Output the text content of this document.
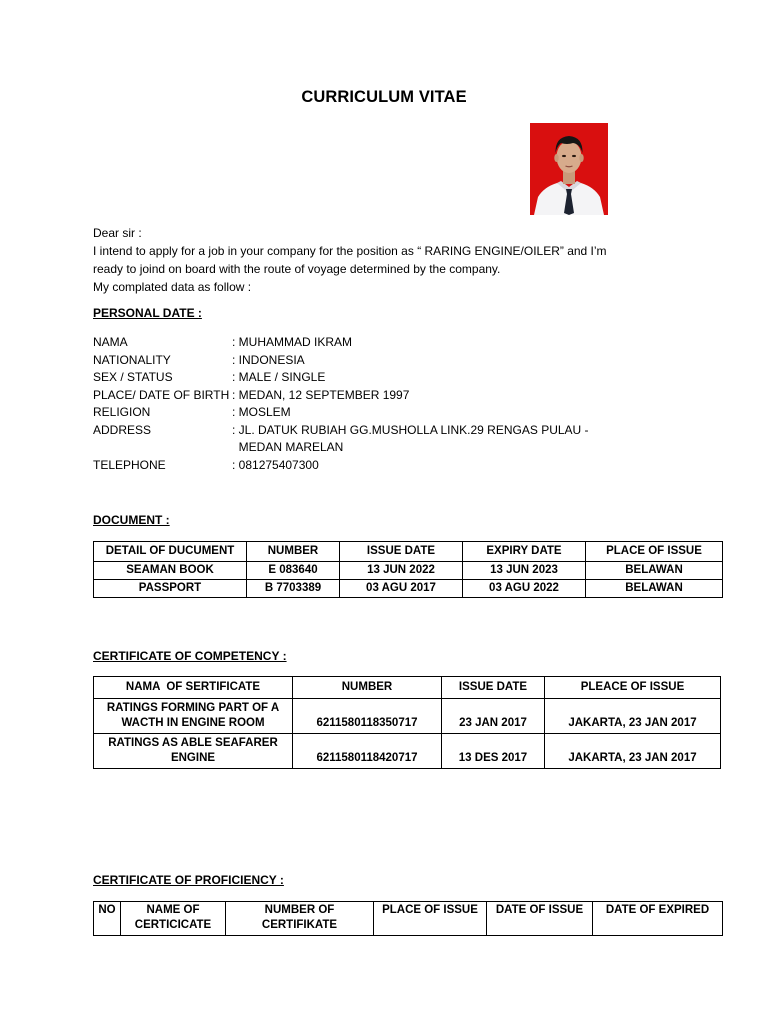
CURRICULUM VITAE
Dear sir :
I intend to apply for a job in your company for the position as “ RARING ENGINE/OILER” and I’m
ready to joind on board with the route of voyage determined by the company.
My complated data as follow :
PERSONAL DATE :
NAMA	: MUHAMMAD IKRAM
NATIONALITY	: INDONESIA
SEX / STATUS	: MALE / SINGLE
PLACE/ DATE OF BIRTH : MEDAN, 12 SEPTEMBER 1997
RELIGION	: MOSLEM
ADDRESS	: JL. DATUK RUBIAH GG.MUSHOLLA LINK.29 RENGAS PULAU -
MEDAN MARELAN
TELEPHONE	: 081275407300
DOCUMENT :
DETAIL OF DUCUMENT	NUMBER	ISSUE DATE	EXPIRY DATE	PLACE OF ISSUE
SEAMAN BOOK	E 083640	13 JUN 2022	13 JUN 2023	BELAWAN
PASSPORT	B 7703389	03 AGU 2017	03 AGU 2022	BELAWAN
CERTIFICATE OF COMPETENCY :
NAMA  OF SERTIFICATE	NUMBER	ISSUE DATE	PLEACE OF ISSUE
RATINGS FORMING PART OF A WACTH IN ENGINE ROOM	6211580118350717	23 JAN 2017	JAKARTA, 23 JAN 2017
RATINGS AS ABLE SEAFARER ENGINE	6211580118420717	13 DES 2017	JAKARTA, 23 JAN 2017
CERTIFICATE OF PROFICIENCY :
NO	NAME OF CERTICICATE	NUMBER OF CERTIFIKATE	PLACE OF ISSUE	DATE OF ISSUE	DATE OF EXPIRED
